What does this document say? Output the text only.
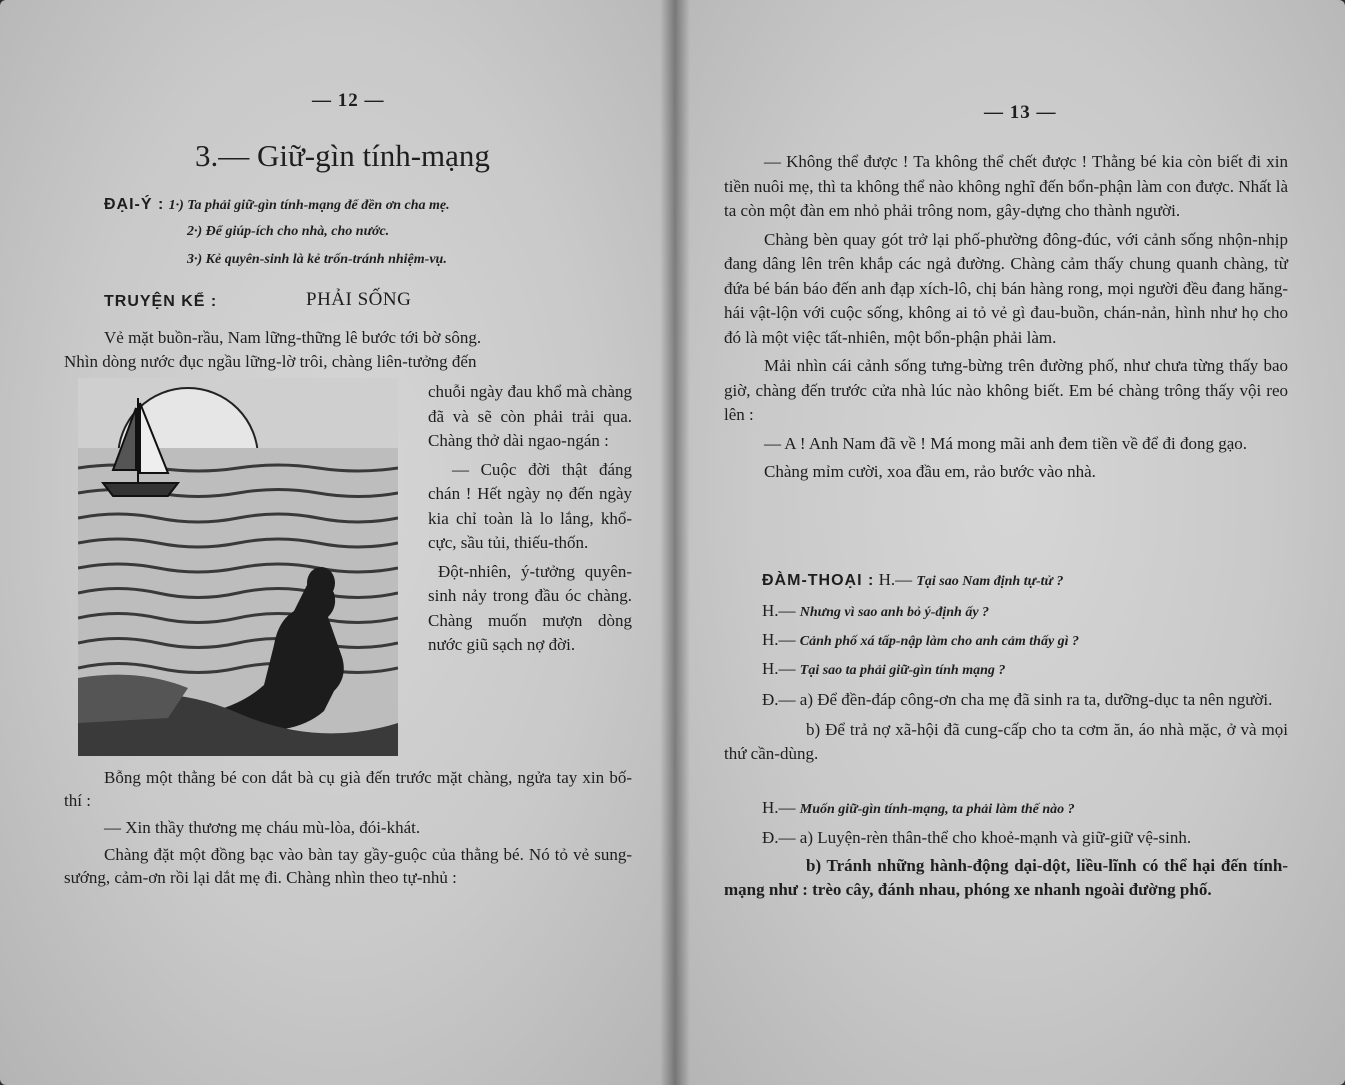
— 12 —
3.— Giữ-gìn tính-mạng
ĐẠI-Ý : 1·) Ta phải giữ-gìn tính-mạng để đền ơn cha mẹ.
2·) Để giúp-ích cho nhà, cho nước.
3·) Kẻ quyên-sinh là kẻ trốn-tránh nhiệm-vụ.
TRUYỆN KỂ :	PHẢI SỐNG
Vẻ mặt buồn-rầu, Nam lững-thững lê bước tới bờ sông.
Nhìn dòng nước đục ngầu lững-lờ trôi, chàng liên-tưởng đến

chuỗi ngày đau khổ mà chàng đã và sẽ còn phải trải qua. Chàng thở dài ngao-ngán :

— Cuộc đời thật đáng chán ! Hết ngày nọ đến ngày kia chỉ toàn là lo lắng, khổ-cực, sầu tủi, thiếu-thốn.

Đột-nhiên, ý-tưởng quyên-sinh nảy trong đầu óc chàng. Chàng muốn mượn dòng nước giũ sạch nợ đời.

Bỗng một thằng bé con dắt bà cụ già đến trước mặt chàng, ngửa tay xin bố-thí :

— Xin thầy thương mẹ cháu mù-lòa, đói-khát.

Chàng đặt một đồng bạc vào bàn tay gầy-guộc của thằng bé. Nó tỏ vẻ sung-sướng, cảm-ơn rồi lại dắt mẹ đi. Chàng nhìn theo tự-nhủ :

— 13 —

— Không thể được ! Ta không thể chết được ! Thằng bé kia còn biết đi xin tiền nuôi mẹ, thì ta không thể nào không nghĩ đến bổn-phận làm con được. Nhất là ta còn một đàn em nhỏ phải trông nom, gây-dựng cho thành người.

Chàng bèn quay gót trở lại phố-phường đông-đúc, với cảnh sống nhộn-nhịp đang dâng lên trên khắp các ngả đường. Chàng cảm thấy chung quanh chàng, từ đứa bé bán báo đến anh đạp xích-lô, chị bán hàng rong, mọi người đều đang hăng-hái vật-lộn với cuộc sống, không ai tỏ vẻ gì đau-buồn, chán-nản, hình như họ cho đó là một việc tất-nhiên, một bổn-phận phải làm.

Mải nhìn cái cảnh sống tưng-bừng trên đường phố, như chưa từng thấy bao giờ, chàng đến trước cửa nhà lúc nào không biết. Em bé chàng trông thấy vội reo lên :

— A ! Anh Nam đã về ! Má mong mãi anh đem tiền về để đi đong gạo.

Chàng mỉm cười, xoa đầu em, rảo bước vào nhà.

ĐÀM-THOẠI : H.— Tại sao Nam định tự-tử ?
H.— Nhưng vì sao anh bỏ ý-định ấy ?
H.— Cảnh phố xá tấp-nập làm cho anh cảm thấy gì ?
H.— Tại sao ta phải giữ-gìn tính mạng ?

Đ.— a) Để đền-đáp công-ơn cha mẹ đã sinh ra ta, dưỡng-dục ta nên người.

b) Để trả nợ xã-hội đã cung-cấp cho ta cơm ăn, áo nhà mặc, ở và mọi thứ cần-dùng.

H.— Muốn giữ-gìn tính-mạng, ta phải làm thế nào ?

Đ.— a) Luyện-rèn thân-thể cho khoẻ-mạnh và giữ-giữ vệ-sinh.

b) Tránh những hành-động dại-dột, liều-lĩnh có thể hại đến tính-mạng như : trèo cây, đánh nhau, phóng xe nhanh ngoài đường phố.
